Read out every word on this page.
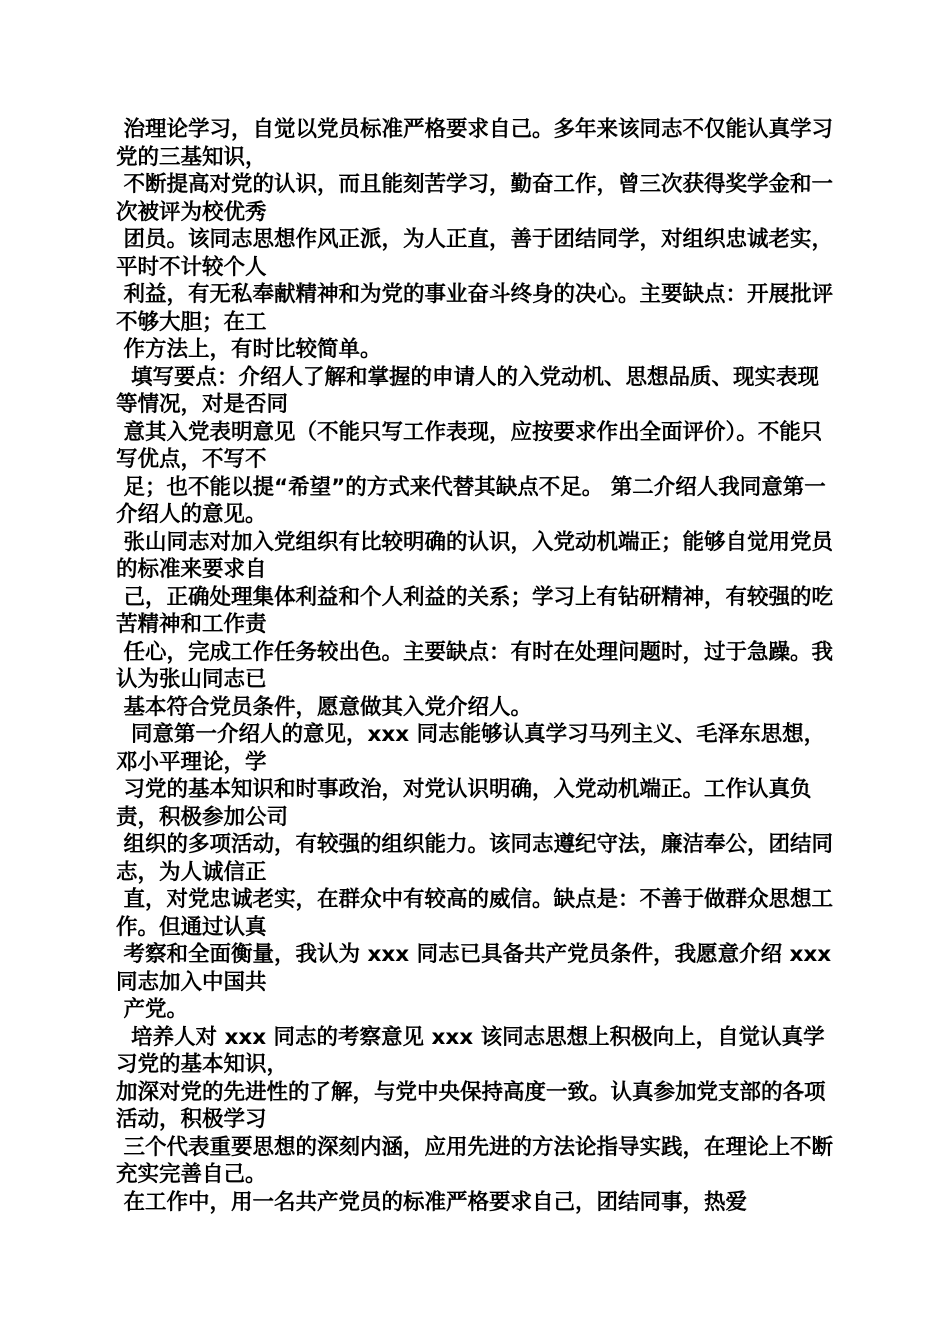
治理论学习，自觉以党员标准严格要求自己。多年来该同志不仅能认真学习党的三基知识，

不断提高对党的认识，而且能刻苦学习，勤奋工作，曾三次获得奖学金和一次被评为校优秀

团员。该同志思想作风正派，为人正直，善于团结同学，对组织忠诚老实，平时不计较个人

利益，有无私奉献精神和为党的事业奋斗终身的决心。主要缺点：开展批评不够大胆；在工

作方法上，有时比较简单。

填写要点：介绍人了解和掌握的申请人的入党动机、思想品质、现实表现等情况，对是否同

意其入党表明意见（不能只写工作表现，应按要求作出全面评价）。不能只写优点，不写不

足；也不能以提“希望”的方式来代替其缺点不足。 第二介绍人我同意第一介绍人的意见。

张山同志对加入党组织有比较明确的认识，入党动机端正；能够自觉用党员的标准来要求自

己，正确处理集体利益和个人利益的关系；学习上有钻研精神，有较强的吃苦精神和工作责

任心，完成工作任务较出色。主要缺点：有时在处理问题时，过于急躁。我认为张山同志已

基本符合党员条件，愿意做其入党介绍人。

同意第一介绍人的意见，xxx 同志能够认真学习马列主义、毛泽东思想， 邓小平理论，学

习党的基本知识和时事政治，对党认识明确，入党动机端正。工作认真负责，积极参加公司

组织的多项活动，有较强的组织能力。该同志遵纪守法，廉洁奉公，团结同志，为人诚信正

直，对党忠诚老实，在群众中有较高的威信。缺点是：不善于做群众思想工作。但通过认真

考察和全面衡量，我认为 xxx 同志已具备共产党员条件，我愿意介绍 xxx 同志加入中国共

产党。

培养人对 xxx 同志的考察意见 xxx 该同志思想上积极向上，自觉认真学习党的基本知识，

加深对党的先进性的了解，与党中央保持高度一致。认真参加党支部的各项活动，积极学习

三个代表重要思想的深刻内涵，应用先进的方法论指导实践，在理论上不断充实完善自己。

在工作中，用一名共产党员的标准严格要求自己，团结同事，热爱
